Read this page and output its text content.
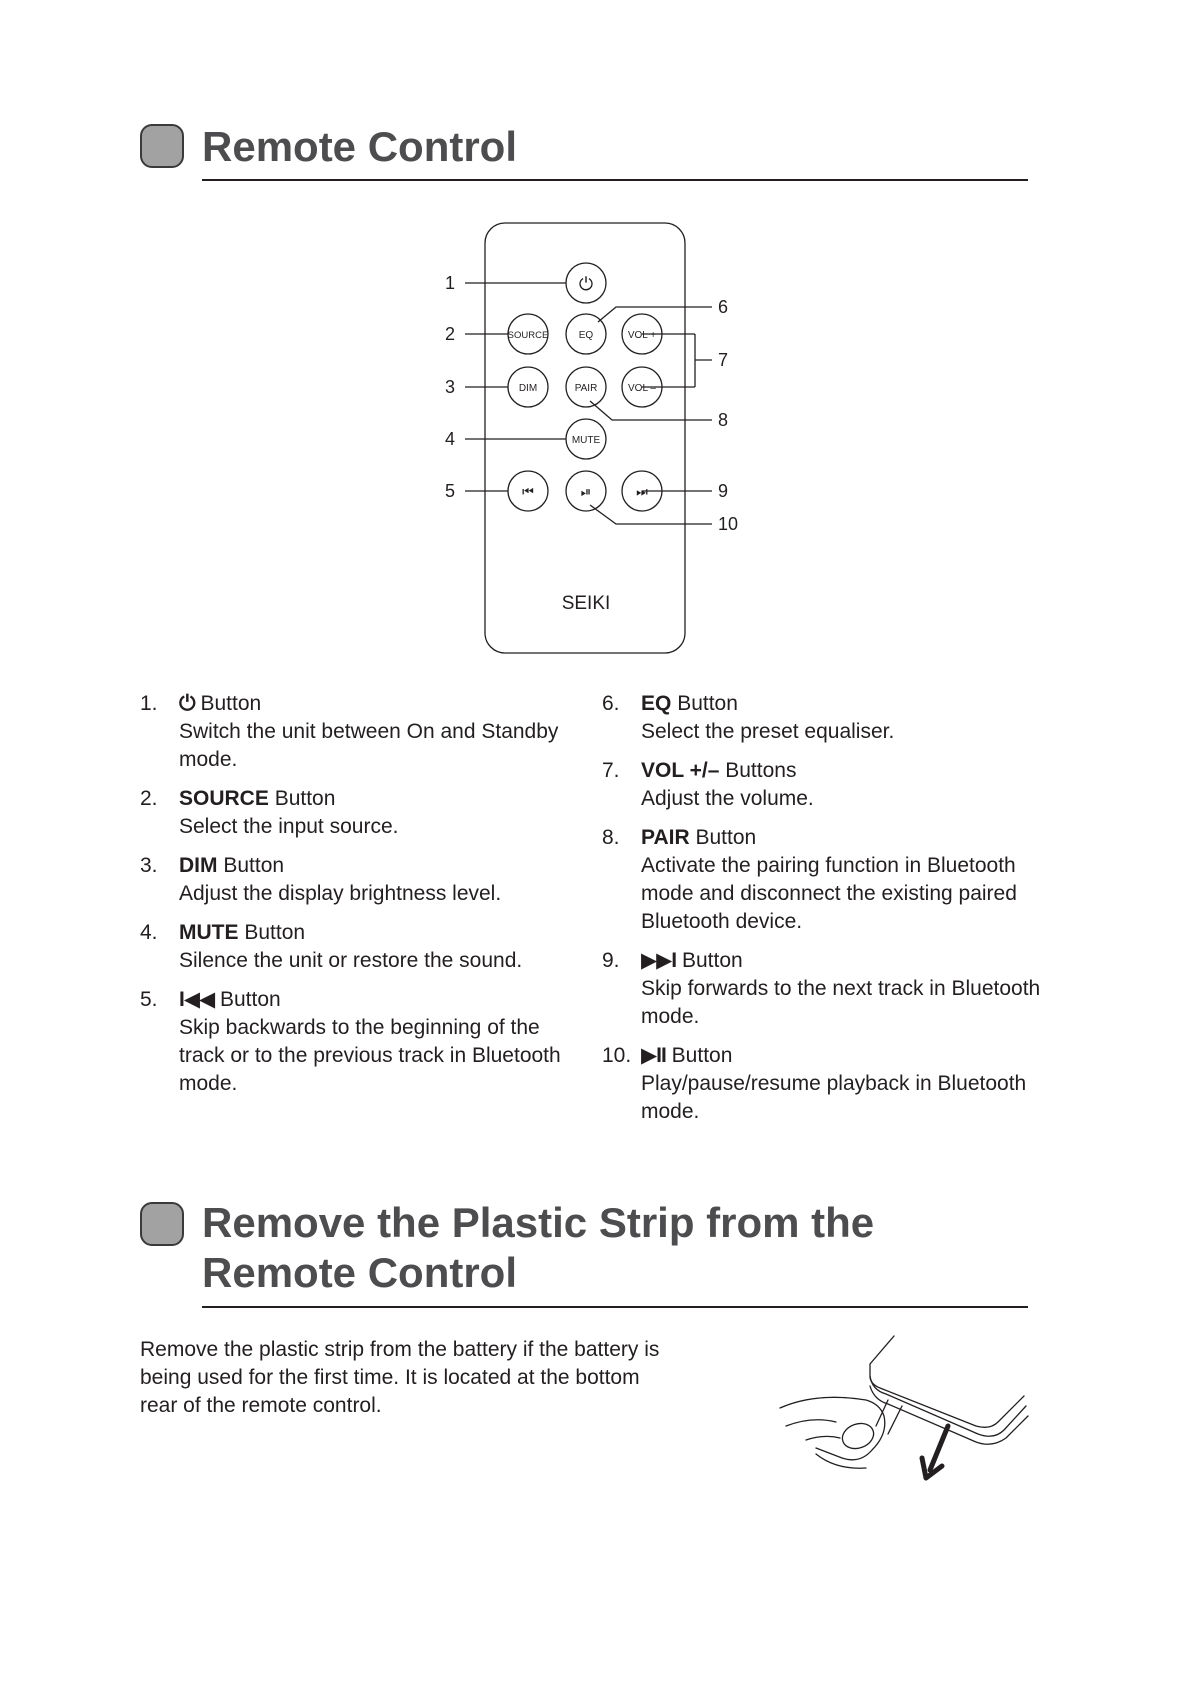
Remote Control
⏻
SOURCE	EQ	VOL +
DIM	PAIR	VOL –
MUTE
⏮	⏯	⏭
SEIKI
1
2
3
4
5
6
7
8
9
10
1. ⏻ Button
Switch the unit between On and Standby mode.
2. SOURCE Button
Select the input source.
3. DIM Button
Adjust the display brightness level.
4. MUTE Button
Silence the unit or restore the sound.
5. I◀◀ Button
Skip backwards to the beginning of the track or to the previous track in Bluetooth mode.
6. EQ Button
Select the preset equaliser.
7. VOL +/– Buttons
Adjust the volume.
8. PAIR Button
Activate the pairing function in Bluetooth mode and disconnect the existing paired Bluetooth device.
9. ▶▶I Button
Skip forwards to the next track in Bluetooth mode.
10. ▶II Button
Play/pause/resume playback in Bluetooth mode.
Remove the Plastic Strip from the Remote Control

Remove the plastic strip from the battery if the battery is being used for the first time. It is located at the bottom rear of the remote control.
